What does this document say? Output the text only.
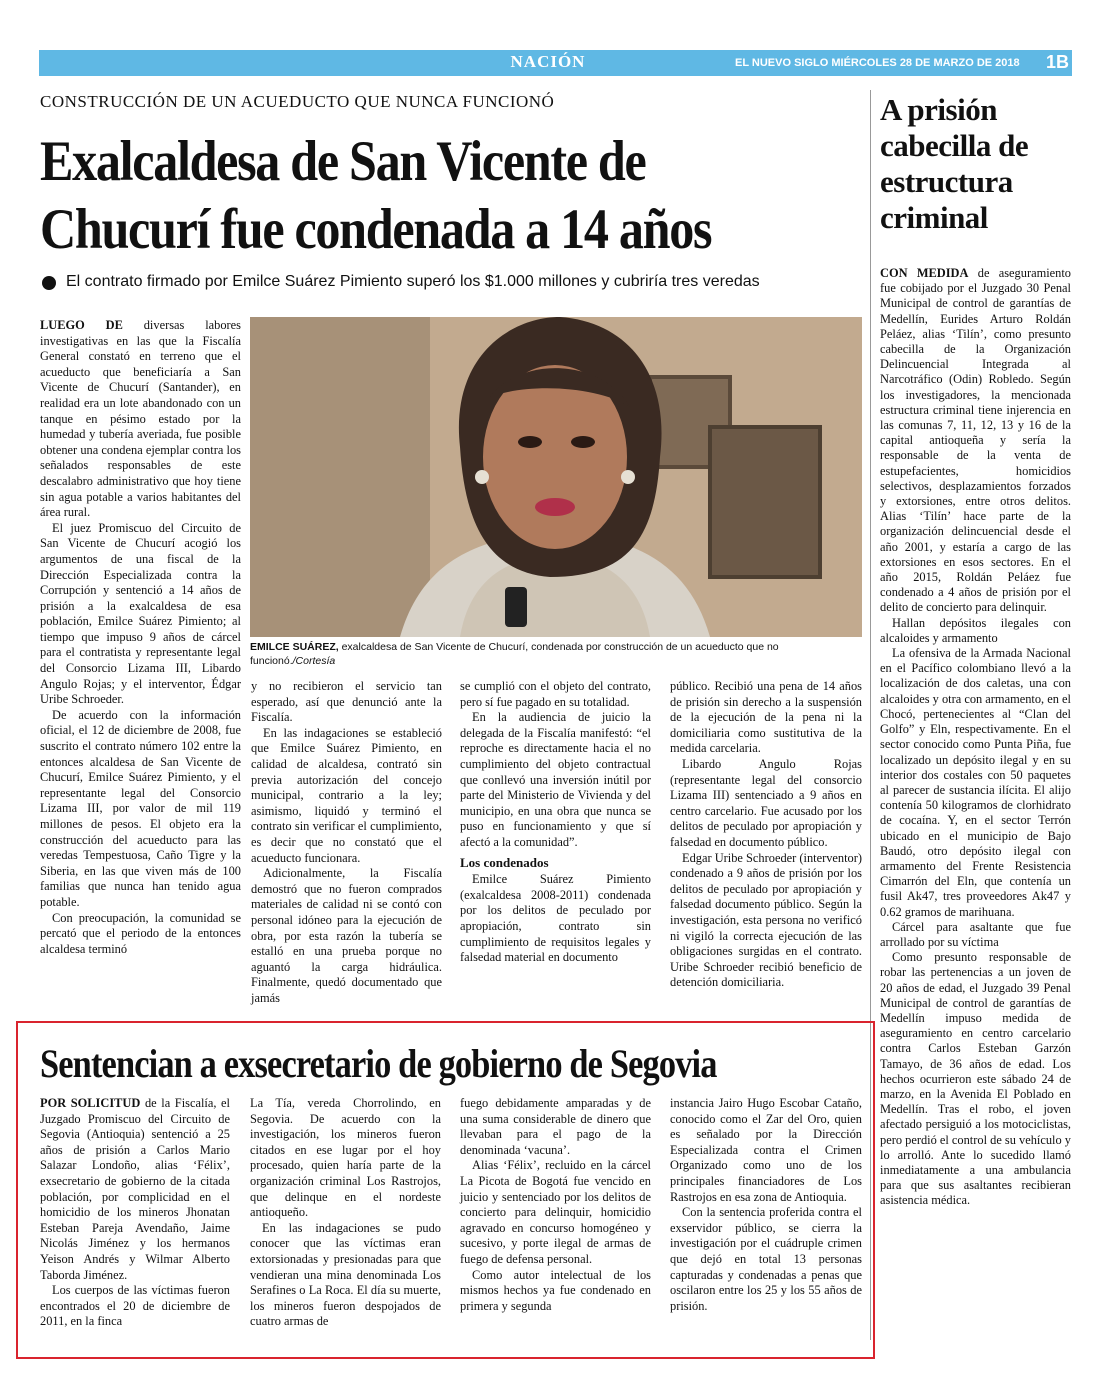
NACIÓN	EL NUEVO SIGLO MIÉRCOLES 28 DE MARZO DE 2018 1B
CONSTRUCCIÓN DE UN ACUEDUCTO QUE NUNCA FUNCIONÓ
Exalcaldesa de San Vicente de
Chucurí fue condenada a 14 años
El contrato firmado por Emilce Suárez Pimiento superó los $1.000 millones y cubriría tres veredas
EMILCE SUÁREZ, exalcaldesa de San Vicente de Chucurí, condenada por construcción de un acueducto que no funcionó./Cortesía

LUEGO DE diversas labores investigativas en las que la Fiscalía General constató en terreno que el acueducto que beneficiaría a San Vicente de Chucurí (Santander), en realidad era un lote abandonado con un tanque en pésimo estado por la humedad y tubería averiada, fue posible obtener una condena ejemplar contra los señalados responsables de este descalabro administrativo que hoy tiene sin agua potable a varios habitantes del área rural.

El juez Promiscuo del Circuito de San Vicente de Chucurí acogió los argumentos de una fiscal de la Dirección Especializada contra la Corrupción y sentenció a 14 años de prisión a la exalcaldesa de esa población, Emilce Suárez Pimiento; al tiempo que impuso 9 años de cárcel para el contratista y representante legal del Consorcio Lizama III, Libardo Angulo Rojas; y el interventor, Édgar Uribe Schroeder.

De acuerdo con la información oficial, el 12 de diciembre de 2008, fue suscrito el contrato número 102 entre la entonces alcaldesa de San Vicente de Chucurí, Emilce Suárez Pimiento, y el representante legal del Consorcio Lizama III, por valor de mil 119 millones de pesos. El objeto era la construcción del acueducto para las veredas Tempestuosa, Caño Tigre y la Siberia, en las que viven más de 100 familias que nunca han tenido agua potable.

Con preocupación, la comunidad se percató que el periodo de la entonces alcaldesa terminó

y no recibieron el servicio tan esperado, así que denunció ante la Fiscalía.

En las indagaciones se estableció que Emilce Suárez Pimiento, en calidad de alcaldesa, contrató sin previa autorización del concejo municipal, contrario a la ley; asimismo, liquidó y terminó el contrato sin verificar el cumplimiento, es decir que no constató que el acueducto funcionara.

Adicionalmente, la Fiscalía demostró que no fueron comprados materiales de calidad ni se contó con personal idóneo para la ejecución de obra, por esta razón la tubería se estalló en una prueba porque no aguantó la carga hidráulica. Finalmente, quedó documentado que jamás

se cumplió con el objeto del contrato, pero sí fue pagado en su totalidad.

En la audiencia de juicio la delegada de la Fiscalía manifestó: “el reproche es directamente hacia el no cumplimiento del objeto contractual que conllevó una inversión inútil por parte del Ministerio de Vivienda y del municipio, en una obra que nunca se puso en funcionamiento y que sí afectó a la comunidad”.

Los condenados

Emilce Suárez Pimiento (exalcaldesa 2008-2011) condenada por los delitos de peculado por apropiación, contrato sin cumplimiento de requisitos legales y falsedad material en documento

público. Recibió una pena de 14 años de prisión sin derecho a la suspensión de la ejecución de la pena ni la domiciliaria como sustitutiva de la medida carcelaria.

Libardo Angulo Rojas (representante legal del consorcio Lizama III) sentenciado a 9 años en centro carcelario. Fue acusado por los delitos de peculado por apropiación y falsedad en documento público.

Edgar Uribe Schroeder (interventor) condenado a 9 años de prisión por los delitos de peculado por apropiación y falsedad documento público. Según la investigación, esta persona no verificó ni vigiló la correcta ejecución de las obligaciones surgidas en el contrato. Uribe Schroeder recibió beneficio de detención domiciliaria.

A prisión cabecilla de estructura criminal

CON MEDIDA de aseguramiento fue cobijado por el Juzgado 30 Penal Municipal de control de garantías de Medellín, Eurides Arturo Roldán Peláez, alias ‘Tilín’, como presunto cabecilla de la Organización Delincuencial Integrada al Narcotráfico (Odin) Robledo. Según los investigadores, la mencionada estructura criminal tiene injerencia en las comunas 7, 11, 12, 13 y 16 de la capital antioqueña y sería la responsable de la venta de estupefacientes, homicidios selectivos, desplazamientos forzados y extorsiones, entre otros delitos. Alias ‘Tilín’ hace parte de la organización delincuencial desde el año 2001, y estaría a cargo de las extorsiones en esos sectores. En el año 2015, Roldán Peláez fue condenado a 4 años de prisión por el delito de concierto para delinquir.

Hallan depósitos ilegales con alcaloides y armamento

La ofensiva de la Armada Nacional en el Pacífico colombiano llevó a la localización de dos caletas, una con alcaloides y otra con armamento, en el Chocó, pertenecientes al “Clan del Golfo” y Eln, respectivamente. En el sector conocido como Punta Piña, fue localizado un depósito ilegal y en su interior dos costales con 50 paquetes al parecer de sustancia ilícita. El alijo contenía 50 kilogramos de clorhidrato de cocaína. Y, en el sector Terrón ubicado en el municipio de Bajo Baudó, otro depósito ilegal con armamento del Frente Resistencia Cimarrón del Eln, que contenía un fusil Ak47, tres proveedores Ak47 y 0.62 gramos de marihuana.

Cárcel para asaltante que fue arrollado por su víctima

Como presunto responsable de robar las pertenencias a un joven de 20 años de edad, el Juzgado 39 Penal Municipal de control de garantías de Medellín impuso medida de aseguramiento en centro carcelario contra Carlos Esteban Garzón Tamayo, de 36 años de edad. Los hechos ocurrieron este sábado 24 de marzo, en la Avenida El Poblado en Medellín. Tras el robo, el joven afectado persiguió a los motociclistas, pero perdió el control de su vehículo y lo arrolló. Ante lo sucedido llamó inmediatamente a una ambulancia para que sus asaltantes recibieran asistencia médica.

Sentencian a exsecretario de gobierno de Segovia

POR SOLICITUD de la Fiscalía, el Juzgado Promiscuo del Circuito de Segovia (Antioquia) sentenció a 25 años de prisión a Carlos Mario Salazar Londoño, alias ‘Félix’, exsecretario de gobierno de la citada población, por complicidad en el homicidio de los mineros Jhonatan Esteban Pareja Avendaño, Jaime Nicolás Jiménez y los hermanos Yeison Andrés y Wilmar Alberto Taborda Jiménez.

Los cuerpos de las víctimas fueron encontrados el 20 de diciembre de 2011, en la finca

La Tía, vereda Chorrolindo, en Segovia. De acuerdo con la investigación, los mineros fueron citados en ese lugar por el hoy procesado, quien haría parte de la organización criminal Los Rastrojos, que delinque en el nordeste antioqueño.

En las indagaciones se pudo conocer que las víctimas eran extorsionadas y presionadas para que vendieran una mina denominada Los Serafines o La Roca. El día su muerte, los mineros fueron despojados de cuatro armas de

fuego debidamente amparadas y de una suma considerable de dinero que llevaban para el pago de la denominada ‘vacuna’.

Alias ‘Félix’, recluido en la cárcel La Picota de Bogotá fue vencido en juicio y sentenciado por los delitos de concierto para delinquir, homicidio agravado en concurso homogéneo y sucesivo, y porte ilegal de armas de fuego de defensa personal.

Como autor intelectual de los mismos hechos ya fue condenado en primera y segunda

instancia Jairo Hugo Escobar Cataño, conocido como el Zar del Oro, quien es señalado por la Dirección Especializada contra el Crimen Organizado como uno de los principales financiadores de Los Rastrojos en esa zona de Antioquia.

Con la sentencia proferida contra el exservidor público, se cierra la investigación por el cuádruple crimen que dejó en total 13 personas capturadas y condenadas a penas que oscilaron entre los 25 y los 55 años de prisión.
